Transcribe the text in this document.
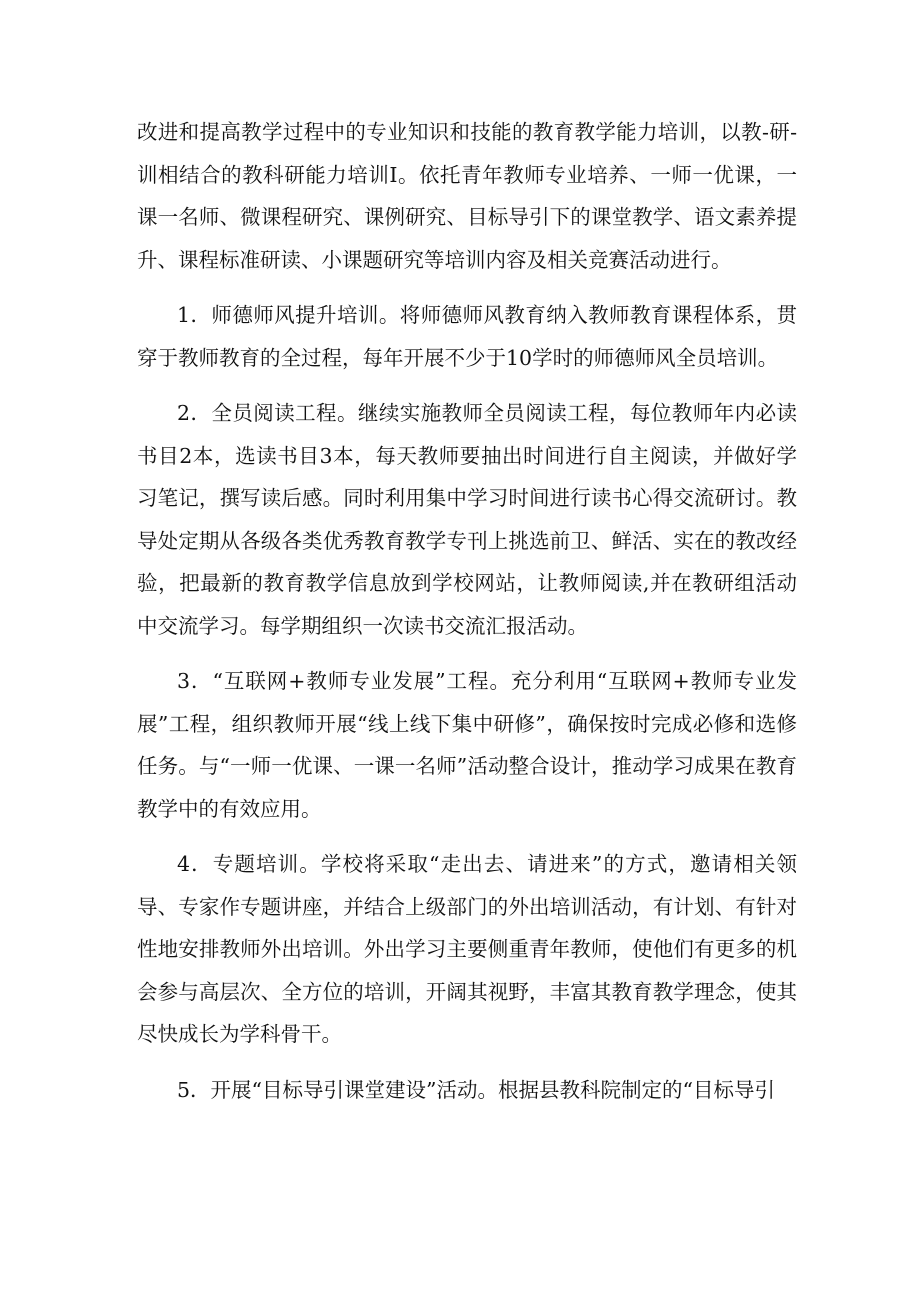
改进和提高教学过程中的专业知识和技能的教育教学能力培训，以教-研-训相结合的教科研能力培训I。依托青年教师专业培养、一师一优课，一课一名师、微课程研究、课例研究、目标导引下的课堂教学、语文素养提升、课程标准研读、小课题研究等培训内容及相关竞赛活动进行。

1．师德师风提升培训。将师德师风教育纳入教师教育课程体系，贯穿于教师教育的全过程，每年开展不少于10学时的师德师风全员培训。

2．全员阅读工程。继续实施教师全员阅读工程，每位教师年内必读书目2本，选读书目3本，每天教师要抽出时间进行自主阅读，并做好学习笔记，撰写读后感。同时利用集中学习时间进行读书心得交流研讨。教导处定期从各级各类优秀教育教学专刊上挑选前卫、鲜活、实在的教改经验，把最新的教育教学信息放到学校网站，让教师阅读,并在教研组活动中交流学习。每学期组织一次读书交流汇报活动。

3．“互联网+教师专业发展”工程。充分利用“互联网+教师专业发展”工程，组织教师开展“线上线下集中研修”，确保按时完成必修和选修任务。与“一师一优课、一课一名师”活动整合设计，推动学习成果在教育教学中的有效应用。

4．专题培训。学校将采取“走出去、请进来”的方式，邀请相关领导、专家作专题讲座，并结合上级部门的外出培训活动，有计划、有针对性地安排教师外出培训。外出学习主要侧重青年教师，使他们有更多的机会参与高层次、全方位的培训，开阔其视野，丰富其教育教学理念，使其尽快成长为学科骨干。

5．开展“目标导引课堂建设”活动。根据县教科院制定的“目标导引
